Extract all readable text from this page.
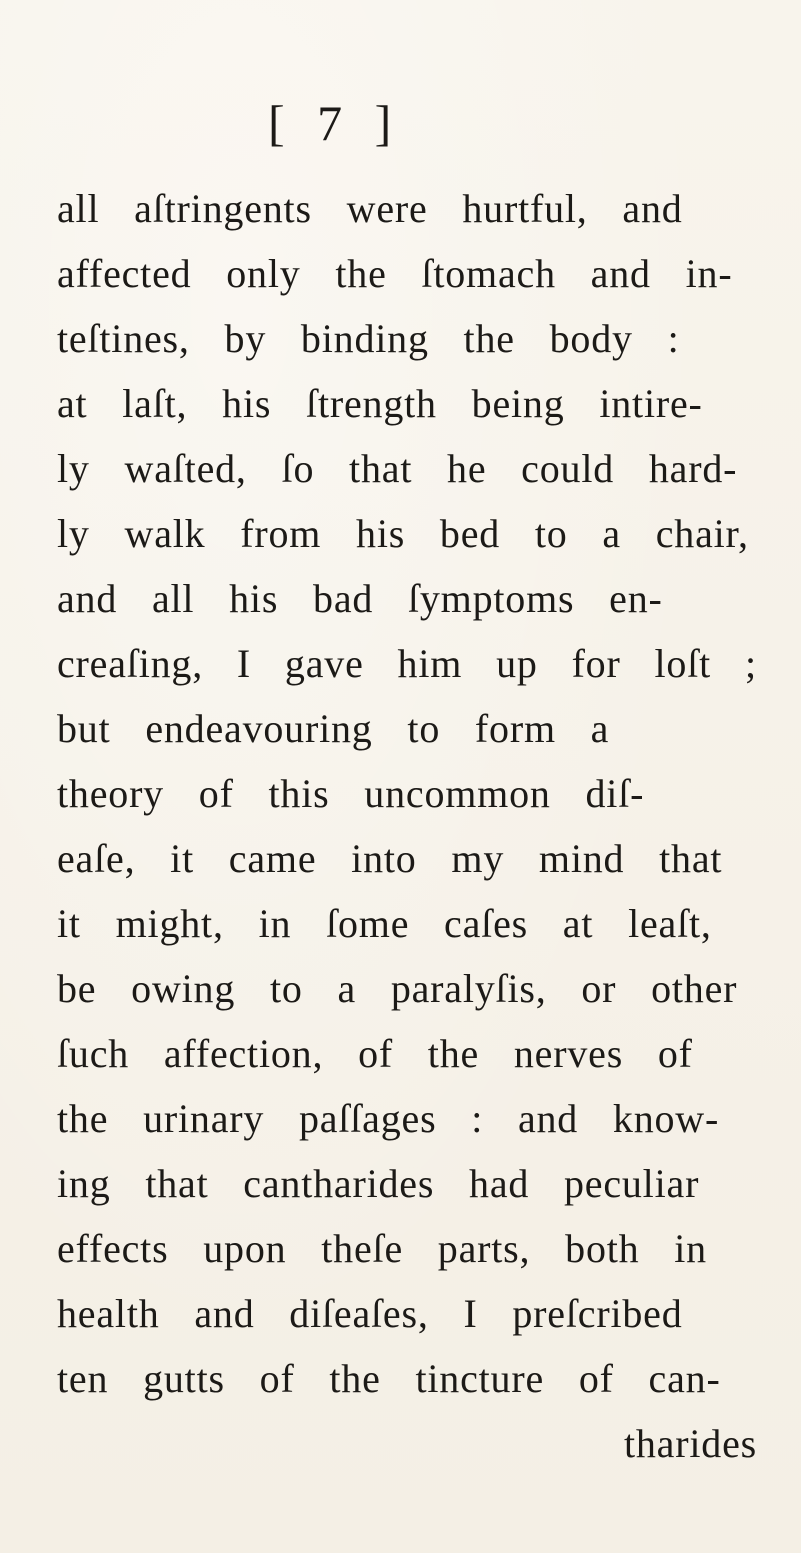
[ 7 ]
all aſtringents were hurtful, and
affected only the ſtomach and in-
teſtines, by binding the body :
at laſt, his ſtrength being intire-
ly waſted, ſo that he could hard-
ly walk from his bed to a chair,
and all his bad ſymptoms en-
creaſing, I gave him up for loſt ;
but endeavouring to form a
theory of this uncommon diſ-
eaſe, it came into my mind that
it might, in ſome caſes at leaſt,
be owing to a paralyſis, or other
ſuch affection, of the nerves of
the urinary paſſages : and know-
ing that cantharides had peculiar
effects upon theſe parts, both in
health and diſeaſes, I preſcribed
ten gutts of the tincture of can-
tharides
